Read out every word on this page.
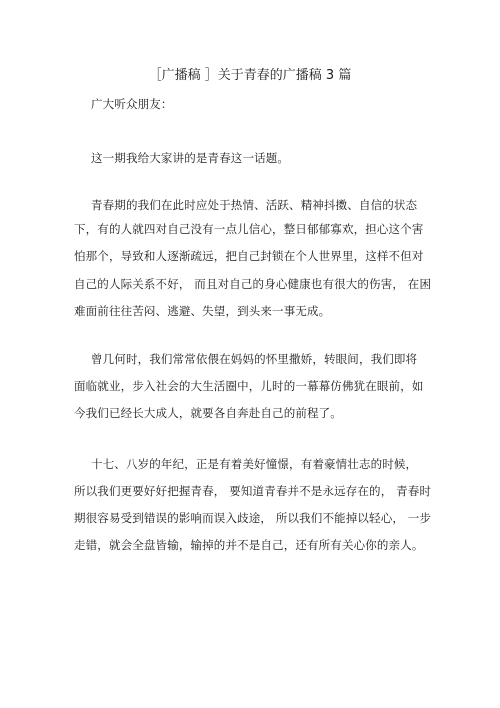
［广播稿 ］关于青春的广播稿 3 篇
广大听众朋友：
这一期我给大家讲的是青春这一话题。
青春期的我们在此时应处于热情、活跃、精神抖擞、自信的状态
下，有的人就四对自己没有一点儿信心，整日郁郁寡欢，担心这个害
怕那个，导致和人逐渐疏远，把自己封锁在个人世界里，这样不但对
自己的人际关系不好， 而且对自己的身心健康也有很大的伤害， 在困
难面前往往苦闷、逃避、失望，到头来一事无成。
曾几何时，我们常常依偎在妈妈的怀里撒娇，转眼间，我们即将
面临就业，步入社会的大生活圈中，儿时的一幕幕仿佛犹在眼前，如
今我们已经长大成人，就要各自奔赴自己的前程了。
十七、八岁的年纪，正是有着美好憧憬，有着豪情壮志的时候，
所以我们更要好好把握青春， 要知道青春并不是永远存在的， 青春时
期很容易受到错误的影响而误入歧途， 所以我们不能掉以轻心， 一步
走错，就会全盘皆输，输掉的并不是自己，还有所有关心你的亲人。
